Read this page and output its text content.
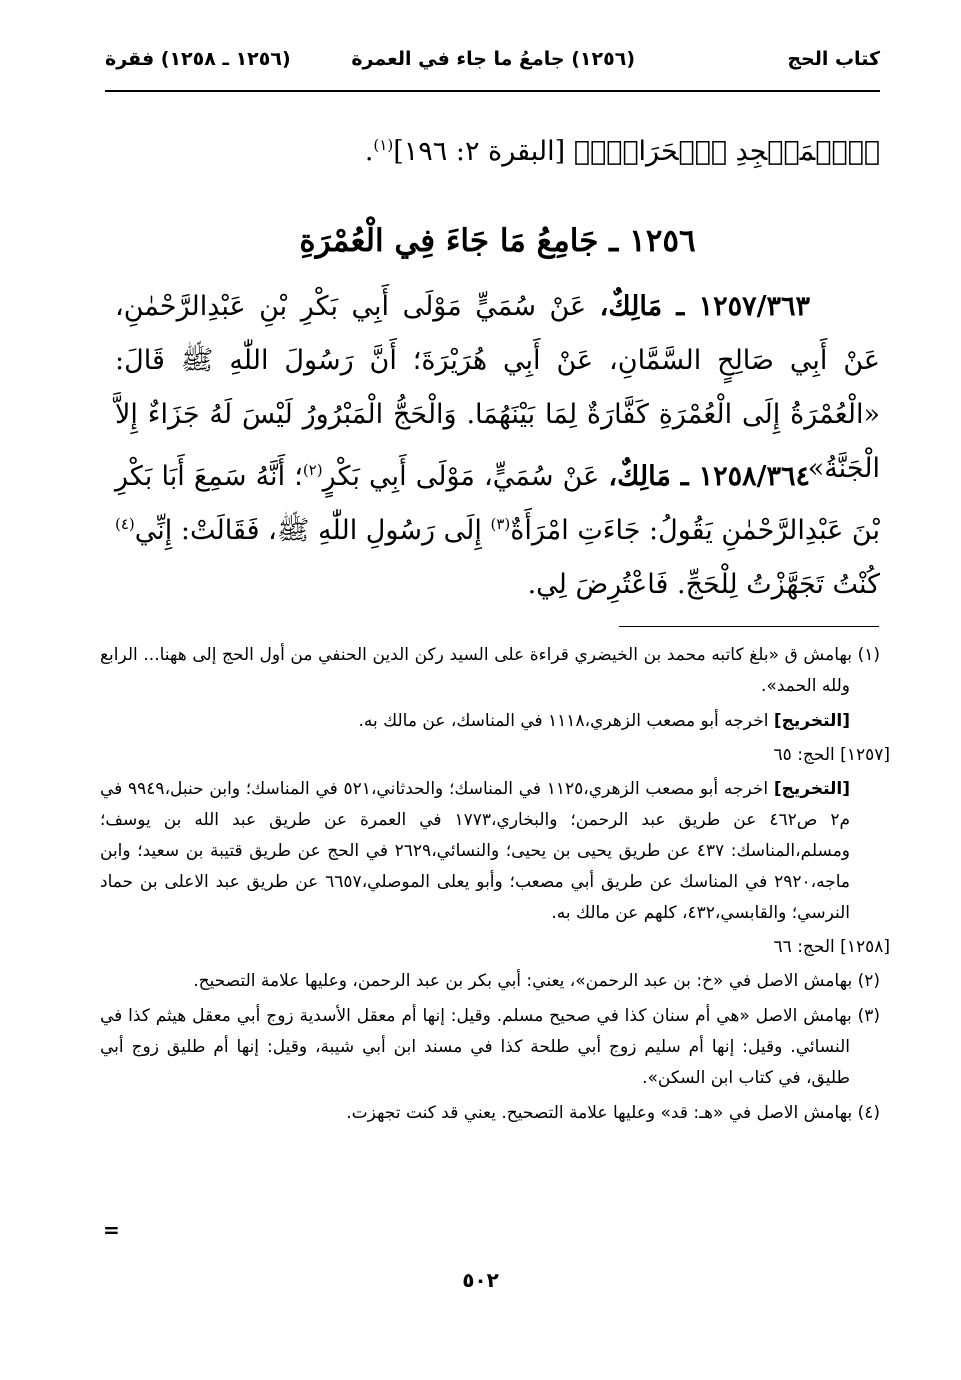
كتاب الحج
(١٢٥٦) جامعُ ما جاء في العمرة
(١٢٥٦ ـ ١٢٥٨) فقرة
﴿ٱلۡمَسۡجِدِ ٱلۡحَرَامِۚ﴾ [البقرة ٢: ١٩٦]$^{(١)}$.
١٢٥٦ ـ جَامِعُ مَا جَاءَ فِي الْعُمْرَةِ
١٢٥٧/٣٦٣ ـ مَالِكٌ، عَنْ سُمَيٍّ مَوْلَى أَبِي بَكْرِ بْنِ عَبْدِالرَّحْمٰنِ، عَنْ أَبِي صَالِحٍ السَّمَّانِ، عَنْ أَبِي هُرَيْرَةَ؛ أَنَّ رَسُولَ اللّٰهِ ﷺ قَالَ: «الْعُمْرَةُ إِلَى الْعُمْرَةِ كَفَّارَةٌ لِمَا بَيْنَهُمَا. وَالْحَجُّ الْمَبْرُورُ لَيْسَ لَهُ جَزَاءٌ إِلاَّ الْجَنَّةُ».
١٢٥٨/٣٦٤ ـ مَالِكٌ، عَنْ سُمَيٍّ، مَوْلَى أَبِي بَكْرٍ$^{(٢)}$؛ أَنَّهُ سَمِعَ أَبَا بَكْرِ بْنَ عَبْدِالرَّحْمٰنِ يَقُولُ: جَاءَتِ امْرَأَةٌ$^{(٣)}$ إِلَى رَسُولِ اللّٰهِ ﷺ، فَقَالَتْ: إِنِّي$^{(٤)}$ كُنْتُ تَجَهَّزْتُ لِلْحَجِّ. فَاعْتُرِضَ لِي.

(١) بهامش ق «بلغ كاتبه محمد بن الخيضري قراءة على السيد ركن الدين الحنفي من أول الحج إلى ههنا... الرابع ولله الحمد».

[التخريج] اخرجه أبو مصعب الزهري،١١١٨ في المناسك، عن مالك به.

[١٢٥٧] الحج: ٦٥

[التخريج] اخرجه أبو مصعب الزهري،١١٢٥ في المناسك؛ والحدثاني،٥٢١ في المناسك؛ وابن حنبل،٩٩٤٩ في م٢ ص٤٦٢ عن طريق عبد الرحمن؛ والبخاري،١٧٧٣ في العمرة عن طريق عبد الله بن يوسف؛ ومسلم،المناسك: ٤٣٧ عن طريق يحيى بن يحيى؛ والنسائي،٢٦٢٩ في الحج عن طريق قتيبة بن سعيد؛ وابن ماجه،٢٩٢٠ في المناسك عن طريق أبي مصعب؛ وأبو يعلى الموصلي،٦٦٥٧ عن طريق عبد الاعلى بن حماد النرسي؛ والقابسي،٤٣٢، كلهم عن مالك به.

[١٢٥٨] الحج: ٦٦

(٢) بهامش الاصل في «خ: بن عبد الرحمن»، يعني: أبي بكر بن عبد الرحمن، وعليها علامة التصحيح.

(٣) بهامش الاصل «هي أم سنان كذا في صحيح مسلم. وقيل: إنها أم معقل الأسدية زوج أبي معقل هيثم كذا في النسائي. وقيل: إنها أم سليم زوج أبي طلحة كذا في مسند ابن أبي شيبة، وقيل: إنها أم طليق زوج أبي طليق، في كتاب ابن السكن».

(٤) بهامش الاصل في «هـ: قد» وعليها علامة التصحيح. يعني قد كنت تجهزت.

=
٥٠٢
